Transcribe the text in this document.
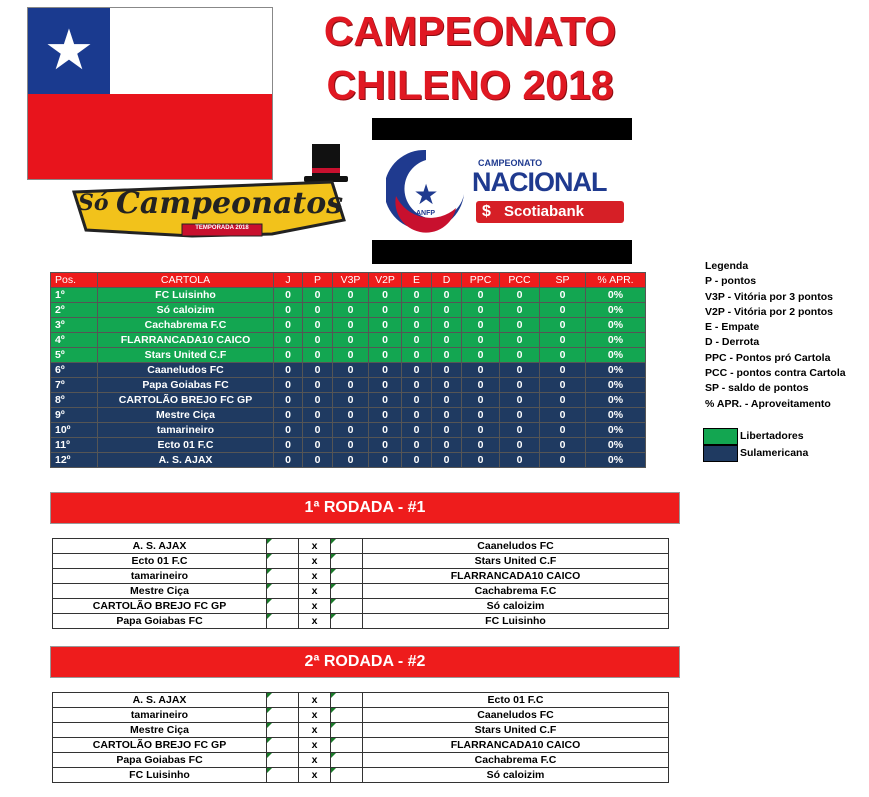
★	CAMPEONATO
CHILENO 2018
Só Campeonatos
TEMPORADA 2018
★
ANFP
CAMPEONATO
NACIONAL
$ Scotiabank
Pos.	CARTOLA	J	P	V3P	V2P	E	D	PPC	PCC	SP	% APR.
1º	FC Luisinho	0	0	0	0	0	0	0	0	0	0%
2º	Só caloizim	0	0	0	0	0	0	0	0	0	0%
3º	Cachabrema F.C	0	0	0	0	0	0	0	0	0	0%
4º	FLARRANCADA10 CAICO	0	0	0	0	0	0	0	0	0	0%
5º	Stars United C.F	0	0	0	0	0	0	0	0	0	0%
6º	Caaneludos FC	0	0	0	0	0	0	0	0	0	0%
7º	Papa Goiabas FC	0	0	0	0	0	0	0	0	0	0%
8º	CARTOLÃO BREJO FC GP	0	0	0	0	0	0	0	0	0	0%
9º	Mestre Ciça	0	0	0	0	0	0	0	0	0	0%
10º	tamarineiro	0	0	0	0	0	0	0	0	0	0%
11º	Ecto 01 F.C	0	0	0	0	0	0	0	0	0	0%
12º	A. S. AJAX	0	0	0	0	0	0	0	0	0	0%
Legenda
P - pontos
V3P - Vitória por 3 pontos
V2P - Vitória por 2 pontos
E - Empate
D - Derrota
PPC - Pontos pró Cartola
PCC - pontos contra Cartola
SP - saldo de pontos
% APR. - Aproveitamento
Libertadores
Sulamericana
1ª RODADA - #1
A. S. AJAX		x		Caaneludos FC
Ecto 01 F.C		x		Stars United C.F
tamarineiro		x		FLARRANCADA10 CAICO
Mestre Ciça		x		Cachabrema F.C
CARTOLÃO BREJO FC GP		x		Só caloizim
Papa Goiabas FC		x		FC Luisinho
2ª RODADA - #2
A. S. AJAX		x		Ecto 01 F.C
tamarineiro		x		Caaneludos FC
Mestre Ciça		x		Stars United C.F
CARTOLÃO BREJO FC GP		x		FLARRANCADA10 CAICO
Papa Goiabas FC		x		Cachabrema F.C
FC Luisinho		x		Só caloizim
